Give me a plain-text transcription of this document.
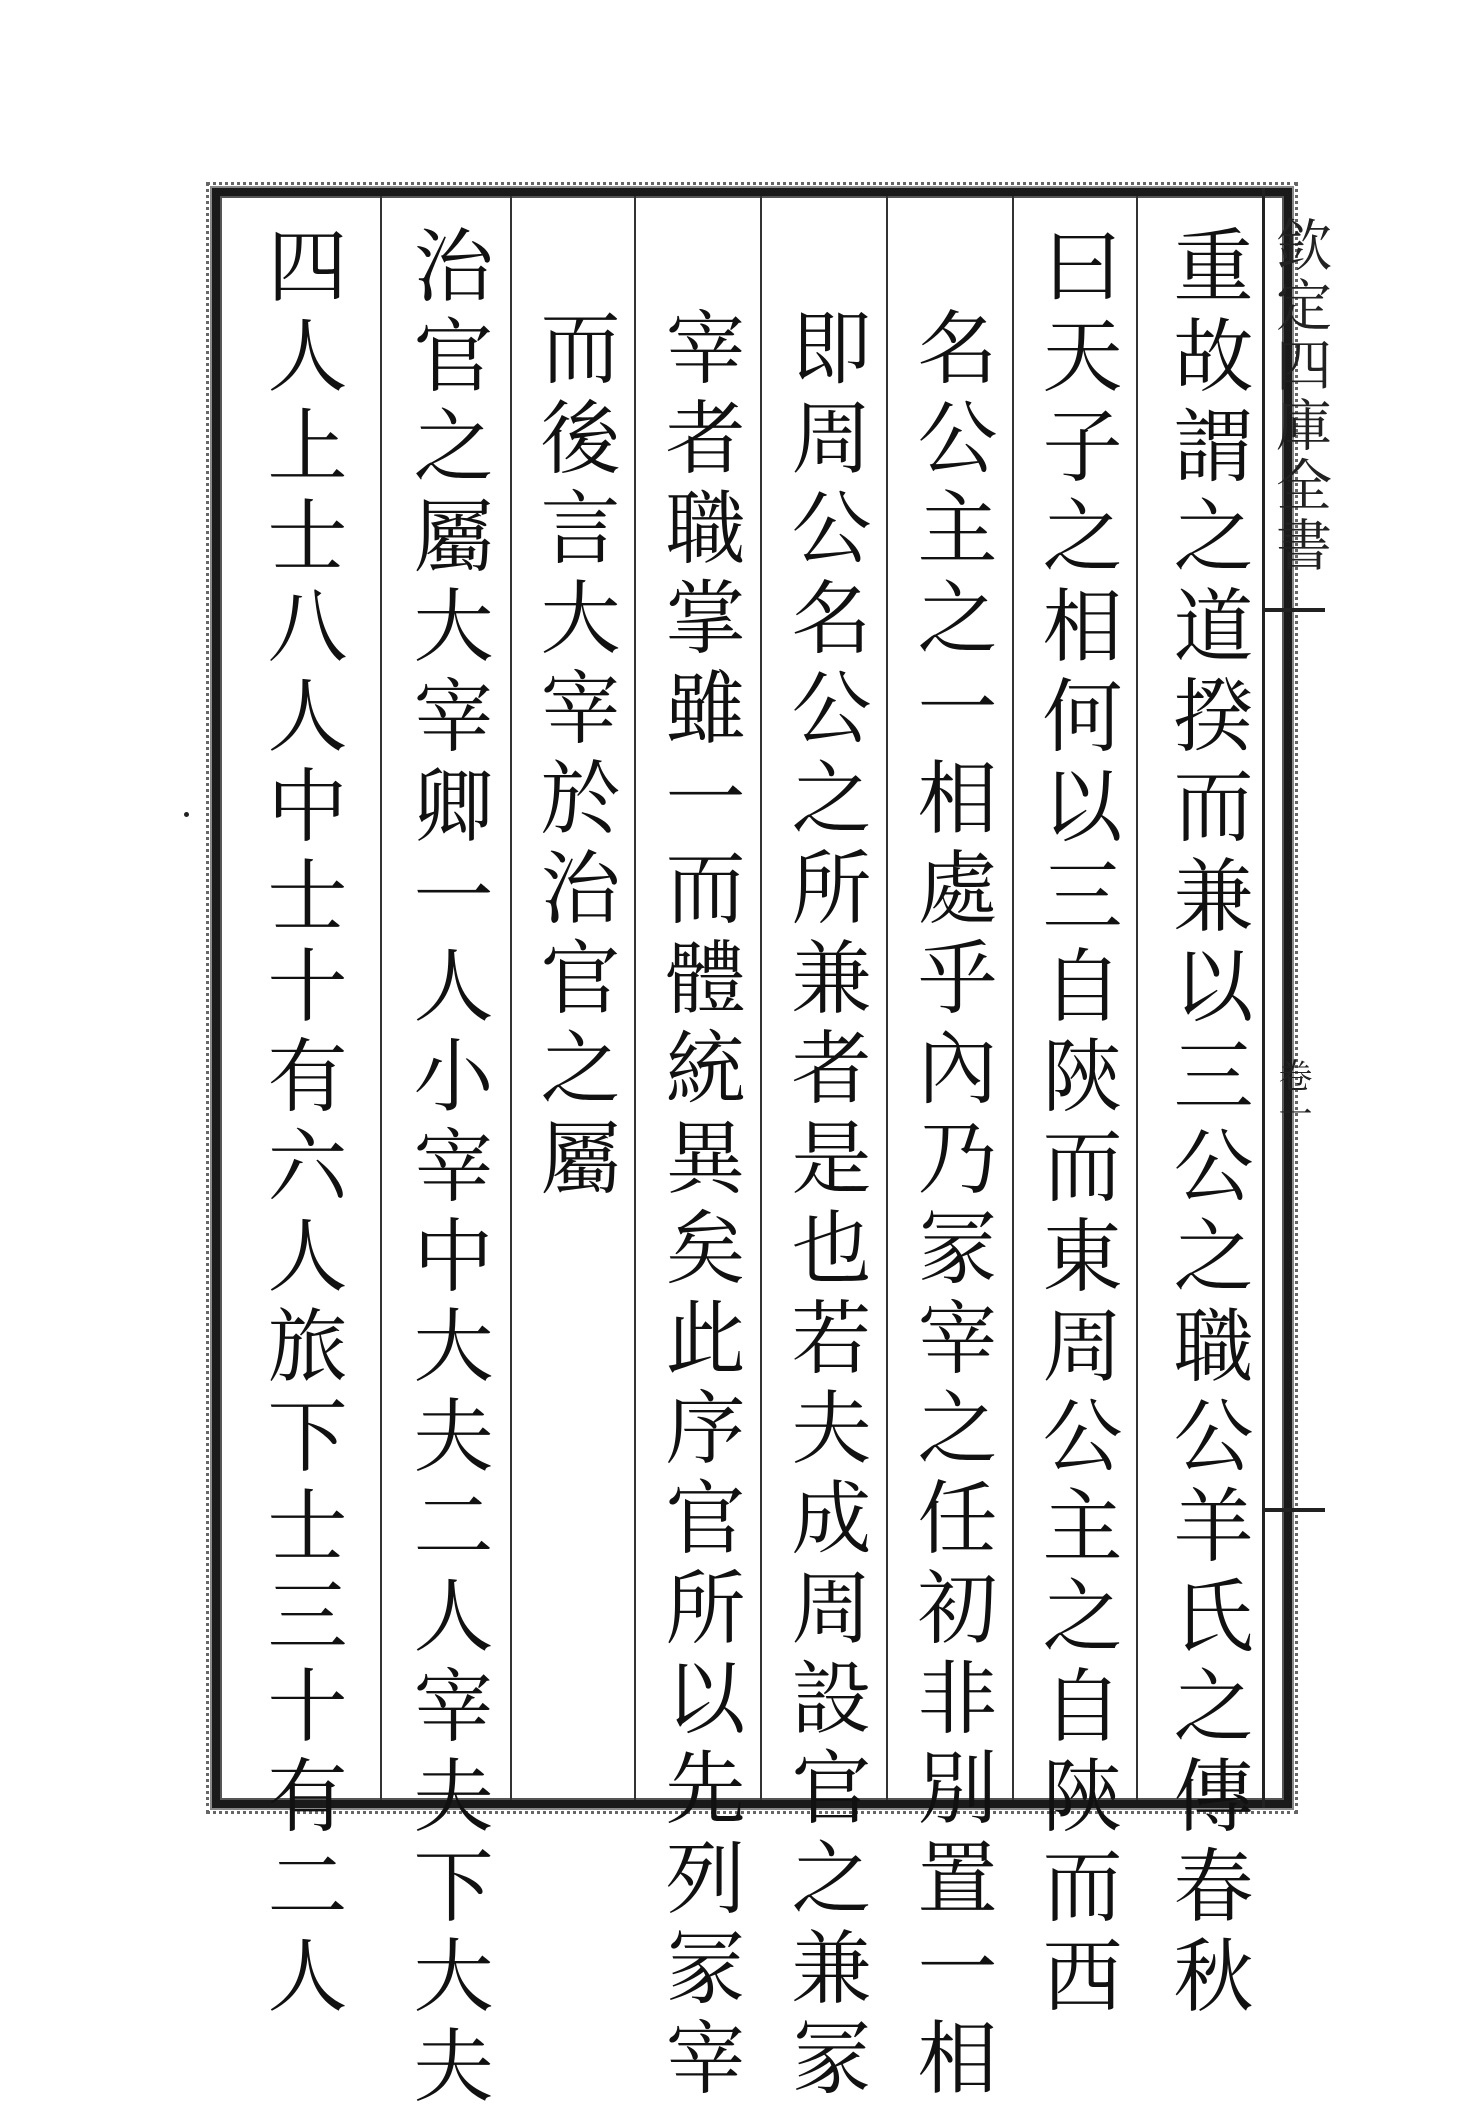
重故謂之道揆而兼以三公之職公羊氏之傳春秋
曰天子之相何以三自陝而東周公主之自陝而西
名公主之一相處乎內乃冡宰之任初非別置一相
即周公名公之所兼者是也若夫成周設官之兼冡
宰者職掌雖一而體統異矣此序官所以先列冡宰
而後言大宰於治官之屬
治官之屬大宰卿一人小宰中大夫二人宰夫下大夫
四人上士八人中士十有六人旅下士三十有二人	欽定四庫全書
卷一
